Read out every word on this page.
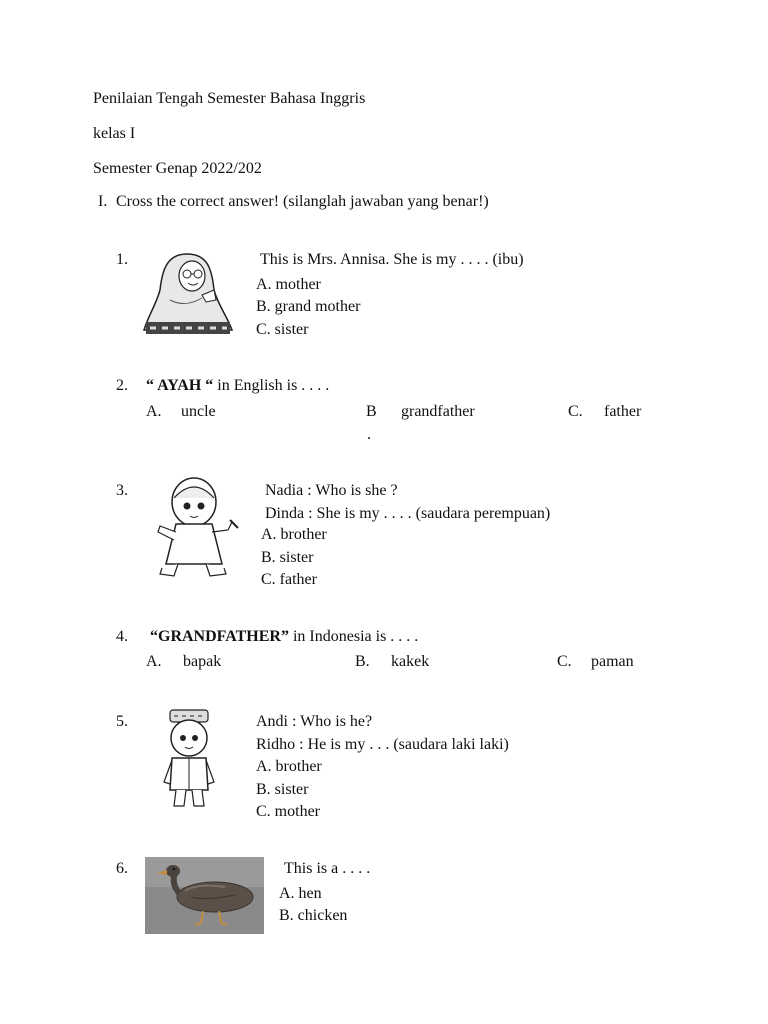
Penilaian Tengah Semester Bahasa Inggris
kelas I
Semester Genap 2022/202
I. Cross the correct answer! (silanglah jawaban yang benar!)
1.	This is Mrs. Annisa. She is my . . . . (ibu)
A. mother
B. grand mother
C. sister
2. “ AYAH “ in English is . . . .
A. uncle	B grandfather	C. father
.
3.	Nadia : Who is she ?
Dinda : She is my . . . . (saudara perempuan)
A. brother
B. sister
C. father
4. “GRANDFATHER” in Indonesia is . . . .
A. bapak	B. kakek	C. paman
5.	Andi : Who is he?
Ridho : He is my . . . (saudara laki laki)
A. brother
B. sister
C. mother
6.	This is a . . . .
A. hen
B. chicken
